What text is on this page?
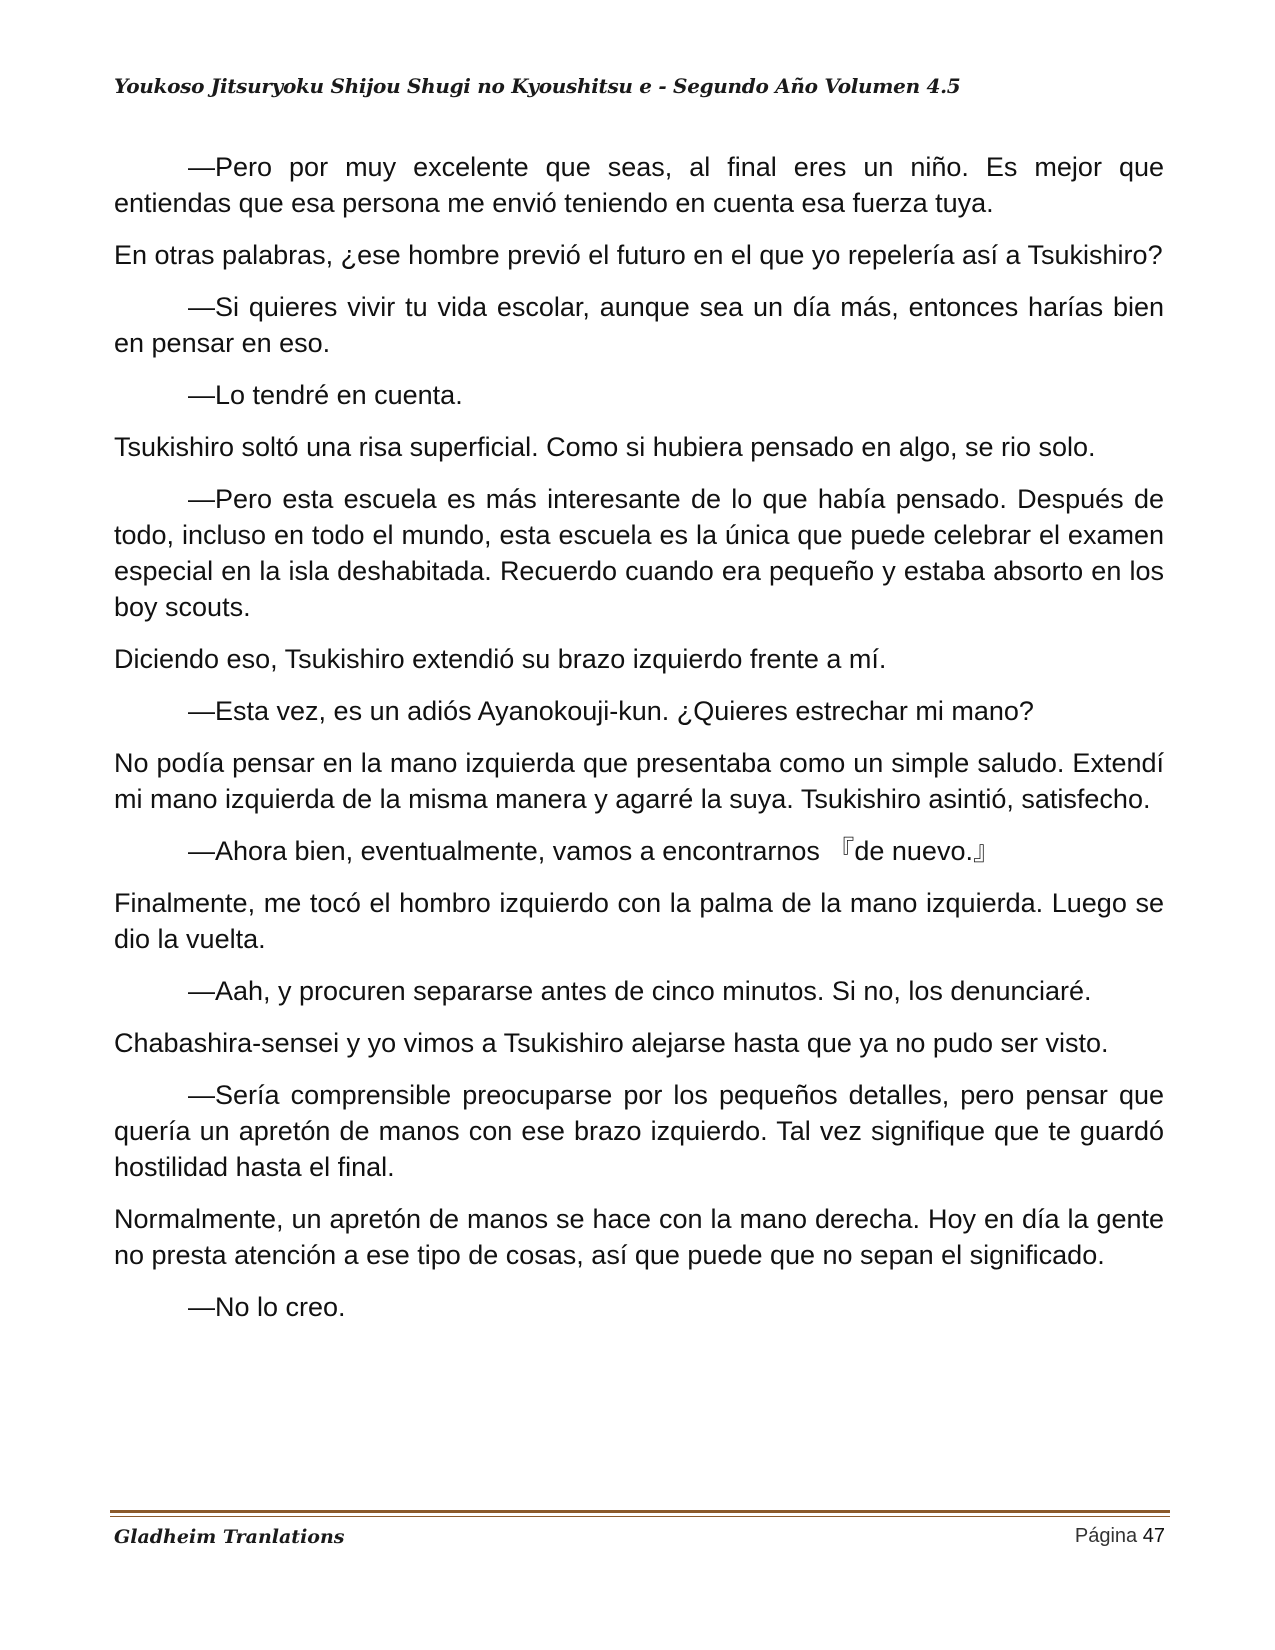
Youkoso Jitsuryoku Shijou Shugi no Kyoushitsu e - Segundo Año Volumen 4.5

—Pero por muy excelente que seas, al final eres un niño. Es mejor que entiendas que esa persona me envió teniendo en cuenta esa fuerza tuya.

En otras palabras, ¿ese hombre previó el futuro en el que yo repelería así a Tsukishiro?

—Si quieres vivir tu vida escolar, aunque sea un día más, entonces harías bien en pensar en eso.

—Lo tendré en cuenta.

Tsukishiro soltó una risa superficial. Como si hubiera pensado en algo, se rio solo.

—Pero esta escuela es más interesante de lo que había pensado. Después de todo, incluso en todo el mundo, esta escuela es la única que puede celebrar el examen especial en la isla deshabitada. Recuerdo cuando era pequeño y estaba absorto en los boy scouts.

Diciendo eso, Tsukishiro extendió su brazo izquierdo frente a mí.

—Esta vez, es un adiós Ayanokouji-kun. ¿Quieres estrechar mi mano?

No podía pensar en la mano izquierda que presentaba como un simple saludo. Extendí mi mano izquierda de la misma manera y agarré la suya. Tsukishiro asintió, satisfecho.

—Ahora bien, eventualmente, vamos a encontrarnos 『de nuevo.』

Finalmente, me tocó el hombro izquierdo con la palma de la mano izquierda. Luego se dio la vuelta.

—Aah, y procuren separarse antes de cinco minutos. Si no, los denunciaré.

Chabashira-sensei y yo vimos a Tsukishiro alejarse hasta que ya no pudo ser visto.

—Sería comprensible preocuparse por los pequeños detalles, pero pensar que quería un apretón de manos con ese brazo izquierdo. Tal vez signifique que te guardó hostilidad hasta el final.

Normalmente, un apretón de manos se hace con la mano derecha. Hoy en día la gente no presta atención a ese tipo de cosas, así que puede que no sepan el significado.

—No lo creo.

Gladheim Tranlations	Página 47
